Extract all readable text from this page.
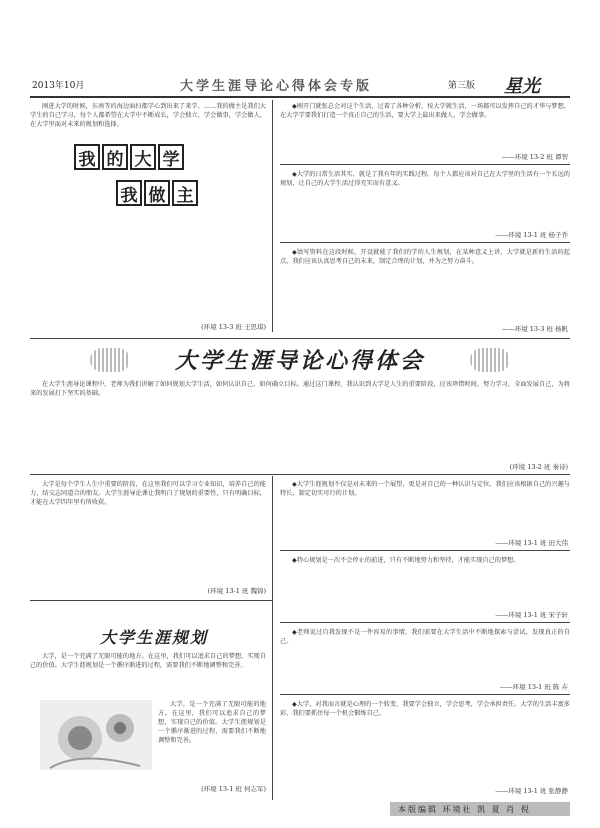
2013年10月	大学生涯导论心得体会专版	第三版 星光

刚进大学的时候，东南等的海边面扫都学心到出来了来学。……我的做主是我们大学生的自己学习，每个人都希望在大学中不断成长，学会独立，学会做事，学会做人，在大学里面对未来的规划和选择。

我 的 大 学
我 做 主
(环境 13-3 班 王思琪)

◆刚开门就张总会对这个生活，过着了各种分析，按大学就生活，一场都可以发挥自己的才华与梦想，在大学学要我们打造一个真正自己的生活，要大学上最出来做人，学会做事。

——环境 13-2 班 谭智

◆大学的日常生活其实，就是了我有年的实践过程。每个人都应该对自己在大学里的生活有一个长远的规划，让自己的大学生活过得充实而有意义。

——环境 13-1 班 杨子乔

◆蚀写资料在这段时候，开设就能了我们的学的人生规划，在某种意义上讲，大学就是新的生活的起点，我们应该认真思考自己的未来，制定合理的计划，并为之努力奋斗。

——环境 13-3 班 杨帆
大学生涯导论心得体会

在大学生涯导论课程中，老师为我们讲解了如何规划大学生活，如何认识自己，如何确立目标。通过这门课程，我认识到大学是人生的重要阶段，应该珍惜时间，努力学习，全面发展自己，为将来的发展打下坚实的基础。

(环境 13-2 班 秦诗)

大学是每个学生人生中重要的阶段，在这里我们可以学习专业知识，培养自己的能力，结交志同道合的朋友。大学生涯导论课让我明白了规划的重要性，只有明确目标，才能在大学四年里有所收获。

(环境 13-1 班 魏锦)

◆大学生涯规划不仅是对未来的一个展望，更是对自己的一种认识与定位。我们应该根据自己的兴趣与特长，制定切实可行的计划。

——环境 13-1 班 田大伟

◆特心规划是一次不会停止的前进，只有不断地努力和坚持，才能实现自己的梦想。

——环境 13-1 班 宋子轩

◆老师说过自我发现不是一件容易的事情，我们需要在大学生活中不断地探索与尝试，发现真正的自己。

——环境 13-1 班 陈 卉
大学生涯规划

大学，是一个充满了无限可能的地方。在这里，我们可以追求自己的梦想，实现自己的价值。大学生涯规划是一个循序渐进的过程，需要我们不断地调整和完善。

大学，是一个充满了无限可能的地方。在这里，我们可以追求自己的梦想，实现自己的价值。大学生涯规划是一个循序渐进的过程，需要我们不断地调整和完善。

(环境 13-1 班 何志军)

◆大学，对我而言就是心理的一个转变，我要学会独立，学会思考，学会承担责任。大学的生活丰富多彩，我们要抓住每一个机会锻炼自己。

——环境 13-1 班 张静静
本版编辑 环境社 凯 夏 肖 倪
